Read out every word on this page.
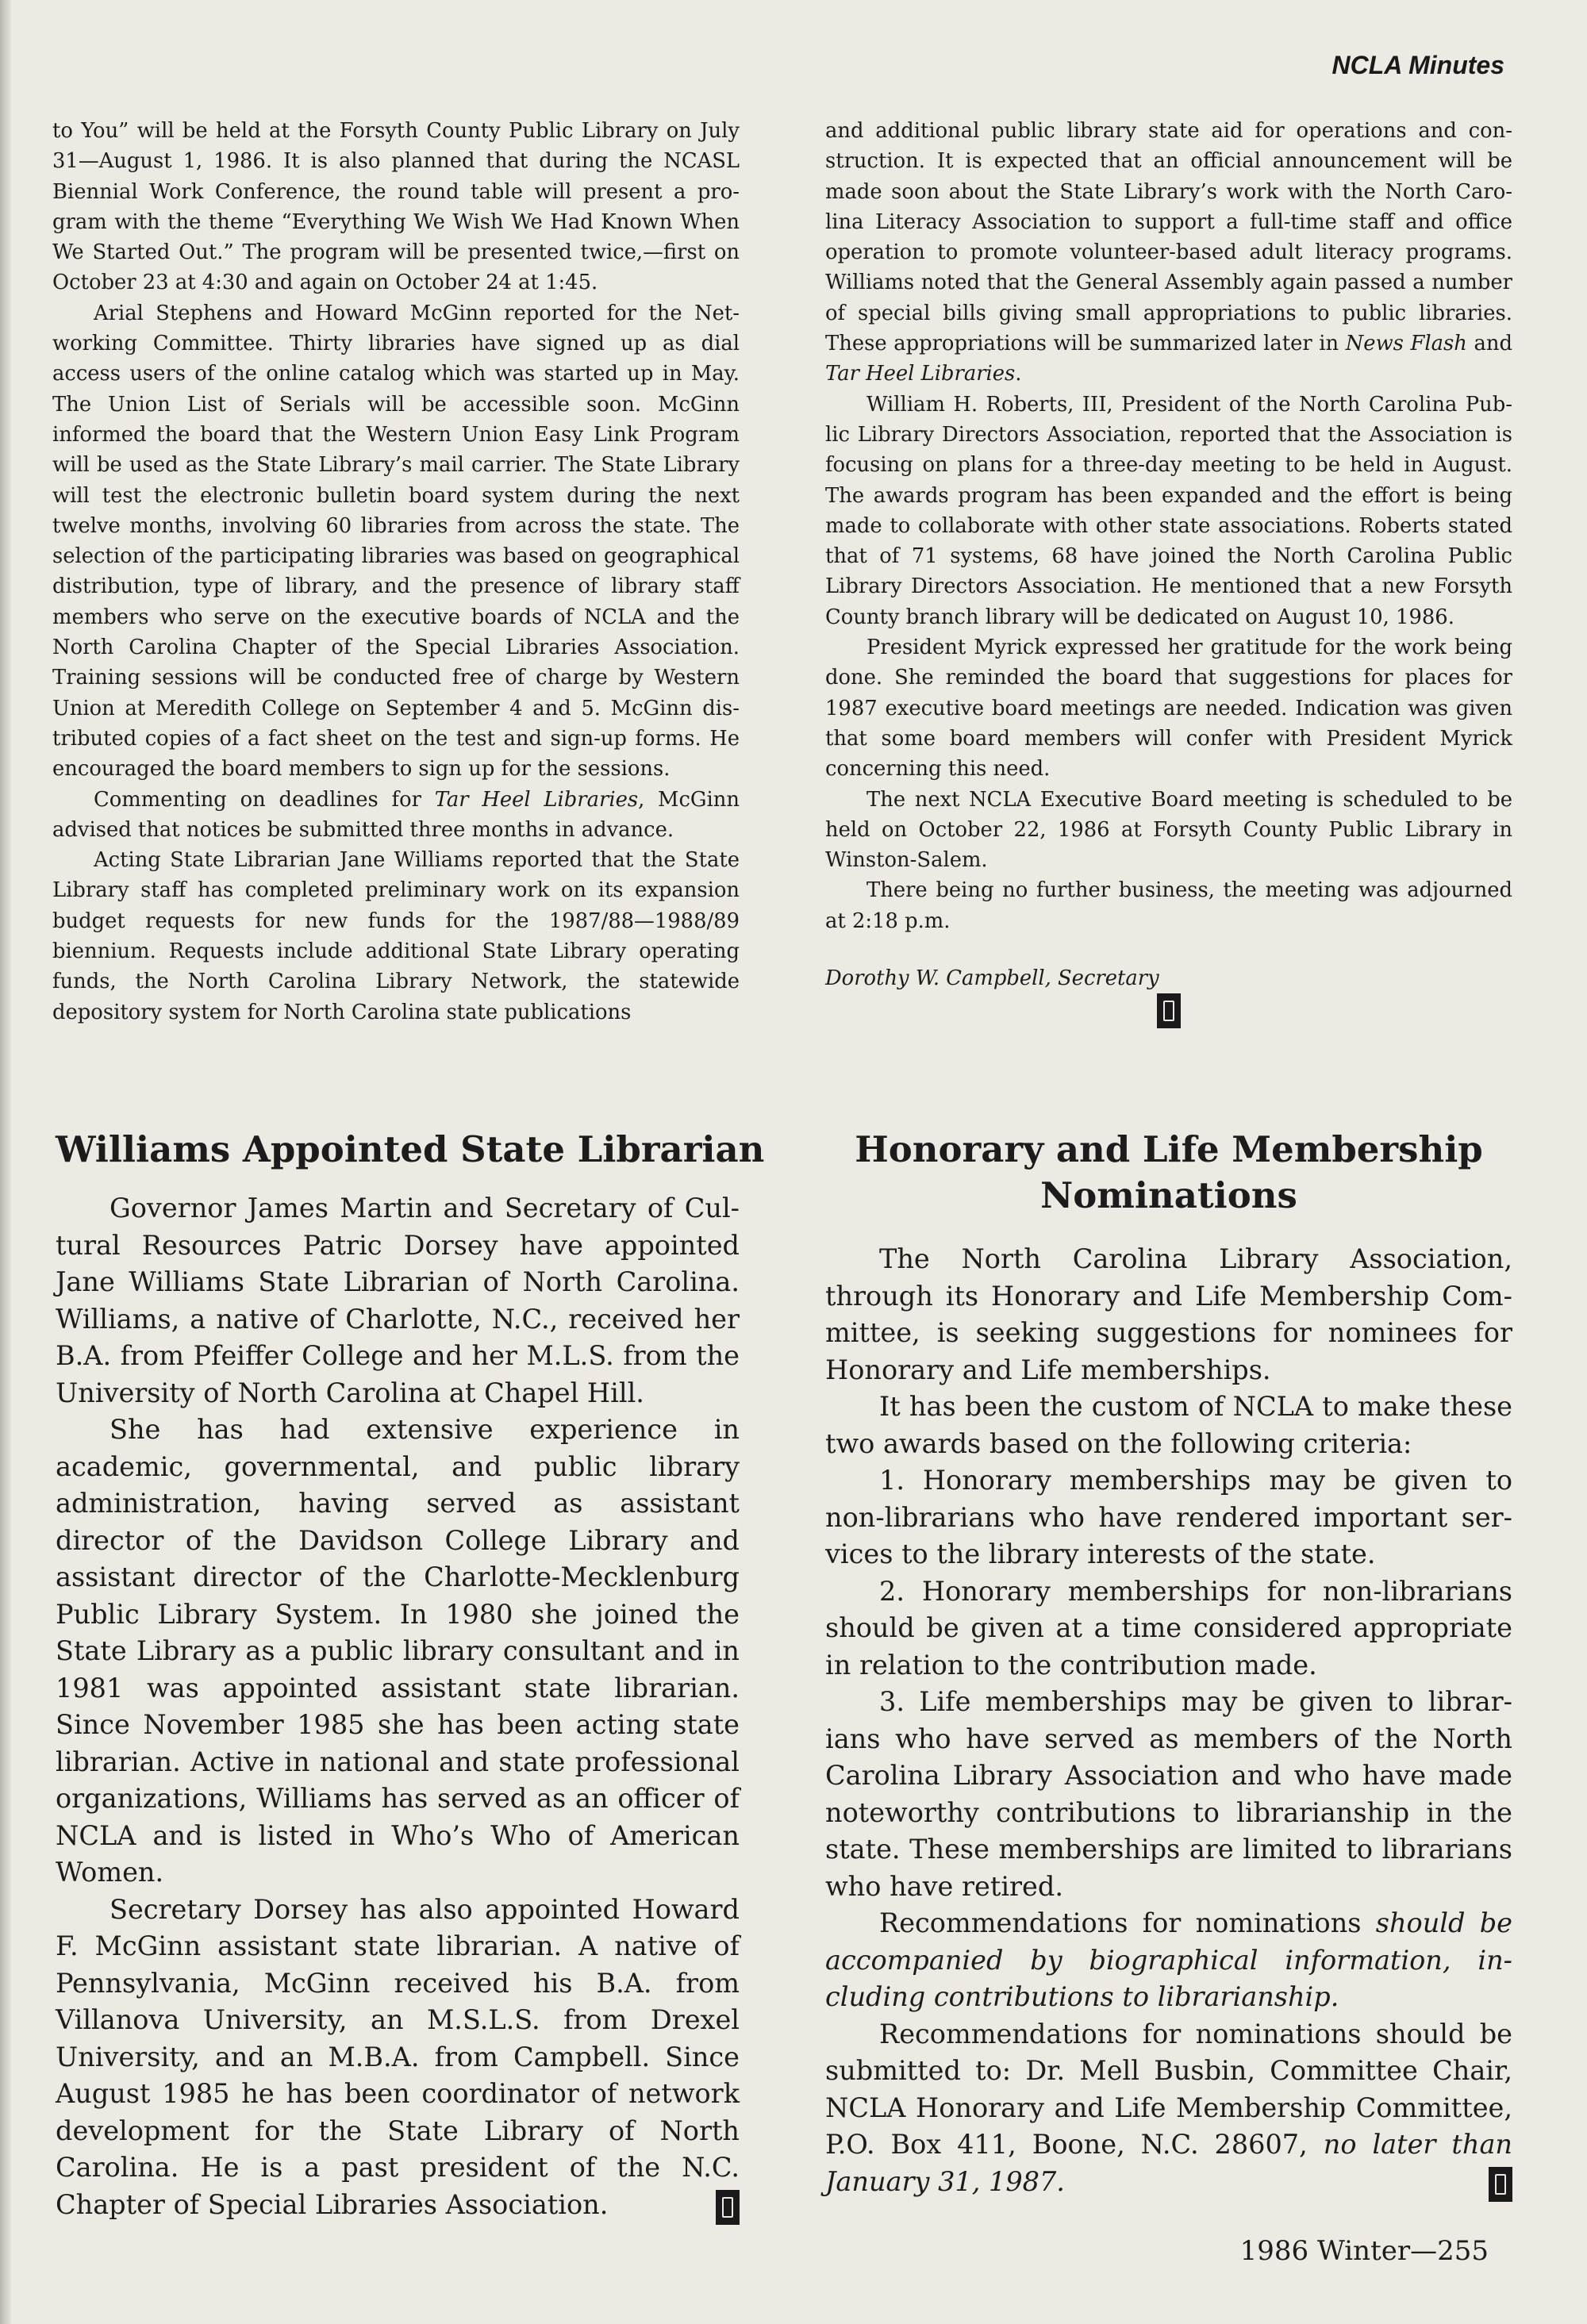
NCLA Minutes

to You” will be held at the Forsyth County Public Library on July 31—August 1, 1986. It is also planned that during the NCASL Biennial Work Conference, the round table will present a program with the theme “Everything We Wish We Had Known When We Started Out.” The program will be presented twice,—first on October 23 at 4:30 and again on October 24 at 1:45.

Arial Stephens and Howard McGinn reported for the Networking Committee. Thirty libraries have signed up as dial access users of the online catalog which was started up in May. The Union List of Serials will be accessible soon. McGinn informed the board that the Western Union Easy Link Program will be used as the State Library’s mail carrier. The State Library will test the electronic bulletin board system during the next twelve months, involving 60 libraries from across the state. The selection of the participating libraries was based on geographical distribution, type of library, and the presence of library staff members who serve on the executive boards of NCLA and the North Carolina Chapter of the Special Libraries Association. Training sessions will be conducted free of charge by Western Union at Meredith College on September 4 and 5. McGinn distributed copies of a fact sheet on the test and sign-up forms. He encouraged the board members to sign up for the sessions.

Commenting on deadlines for Tar Heel Libraries, McGinn advised that notices be submitted three months in advance.

Acting State Librarian Jane Williams reported that the State Library staff has completed preliminary work on its expansion budget requests for new funds for the 1987/88—1988/89 biennium. Requests include additional State Library operating funds, the North Carolina Library Network, the statewide depository system for North Carolina state publications

and additional public library state aid for operations and construction. It is expected that an official announcement will be made soon about the State Library’s work with the North Carolina Literacy Association to support a full-time staff and office operation to promote volunteer-based adult literacy programs. Williams noted that the General Assembly again passed a number of special bills giving small appropriations to public libraries. These appropriations will be summarized later in News Flash and Tar Heel Libraries.

William H. Roberts, III, President of the North Carolina Public Library Directors Association, reported that the Association is focusing on plans for a three-day meeting to be held in August. The awards program has been expanded and the effort is being made to collaborate with other state associations. Roberts stated that of 71 systems, 68 have joined the North Carolina Public Library Directors Association. He mentioned that a new Forsyth County branch library will be dedicated on August 10, 1986.

President Myrick expressed her gratitude for the work being done. She reminded the board that suggestions for places for 1987 executive board meetings are needed. Indication was given that some board members will confer with President Myrick concerning this need.

The next NCLA Executive Board meeting is scheduled to be held on October 22, 1986 at Forsyth County Public Library in Winston-Salem.

There being no further business, the meeting was adjourned at 2:18 p.m.

Dorothy W. Campbell, Secretary

Williams Appointed State Librarian

Governor James Martin and Secretary of Cultural Resources Patric Dorsey have appointed Jane Williams State Librarian of North Carolina. Williams, a native of Charlotte, N.C., received her B.A. from Pfeiffer College and her M.L.S. from the University of North Carolina at Chapel Hill.

She has had extensive experience in academic, governmental, and public library administration, having served as assistant director of the Davidson College Library and assistant director of the Charlotte-Mecklenburg Public Library System. In 1980 she joined the State Library as a public library consultant and in 1981 was appointed assistant state librarian. Since November 1985 she has been acting state librarian. Active in national and state professional organizations, Williams has served as an officer of NCLA and is listed in Who’s Who of American Women.

Secretary Dorsey has also appointed Howard F. McGinn assistant state librarian. A native of Pennsylvania, McGinn received his B.A. from Villanova University, an M.S.L.S. from Drexel University, and an M.B.A. from Campbell. Since August 1985 he has been coordinator of network development for the State Library of North Carolina. He is a past president of the N.C. Chapter of Special Libraries Association.

Honorary and Life Membership Nominations

The North Carolina Library Association, through its Honorary and Life Membership Committee, is seeking suggestions for nominees for Honorary and Life memberships.

It has been the custom of NCLA to make these two awards based on the following criteria:

1. Honorary memberships may be given to non-librarians who have rendered important services to the library interests of the state.

2. Honorary memberships for non-librarians should be given at a time considered appropriate in relation to the contribution made.

3. Life memberships may be given to librarians who have served as members of the North Carolina Library Association and who have made noteworthy contributions to librarianship in the state. These memberships are limited to librarians who have retired.

Recommendations for nominations should be accompanied by biographical information, including contributions to librarianship.

Recommendations for nominations should be submitted to: Dr. Mell Busbin, Committee Chair, NCLA Honorary and Life Membership Committee, P.O. Box 411, Boone, N.C. 28607, no later than January 31, 1987.

1986 Winter—255
